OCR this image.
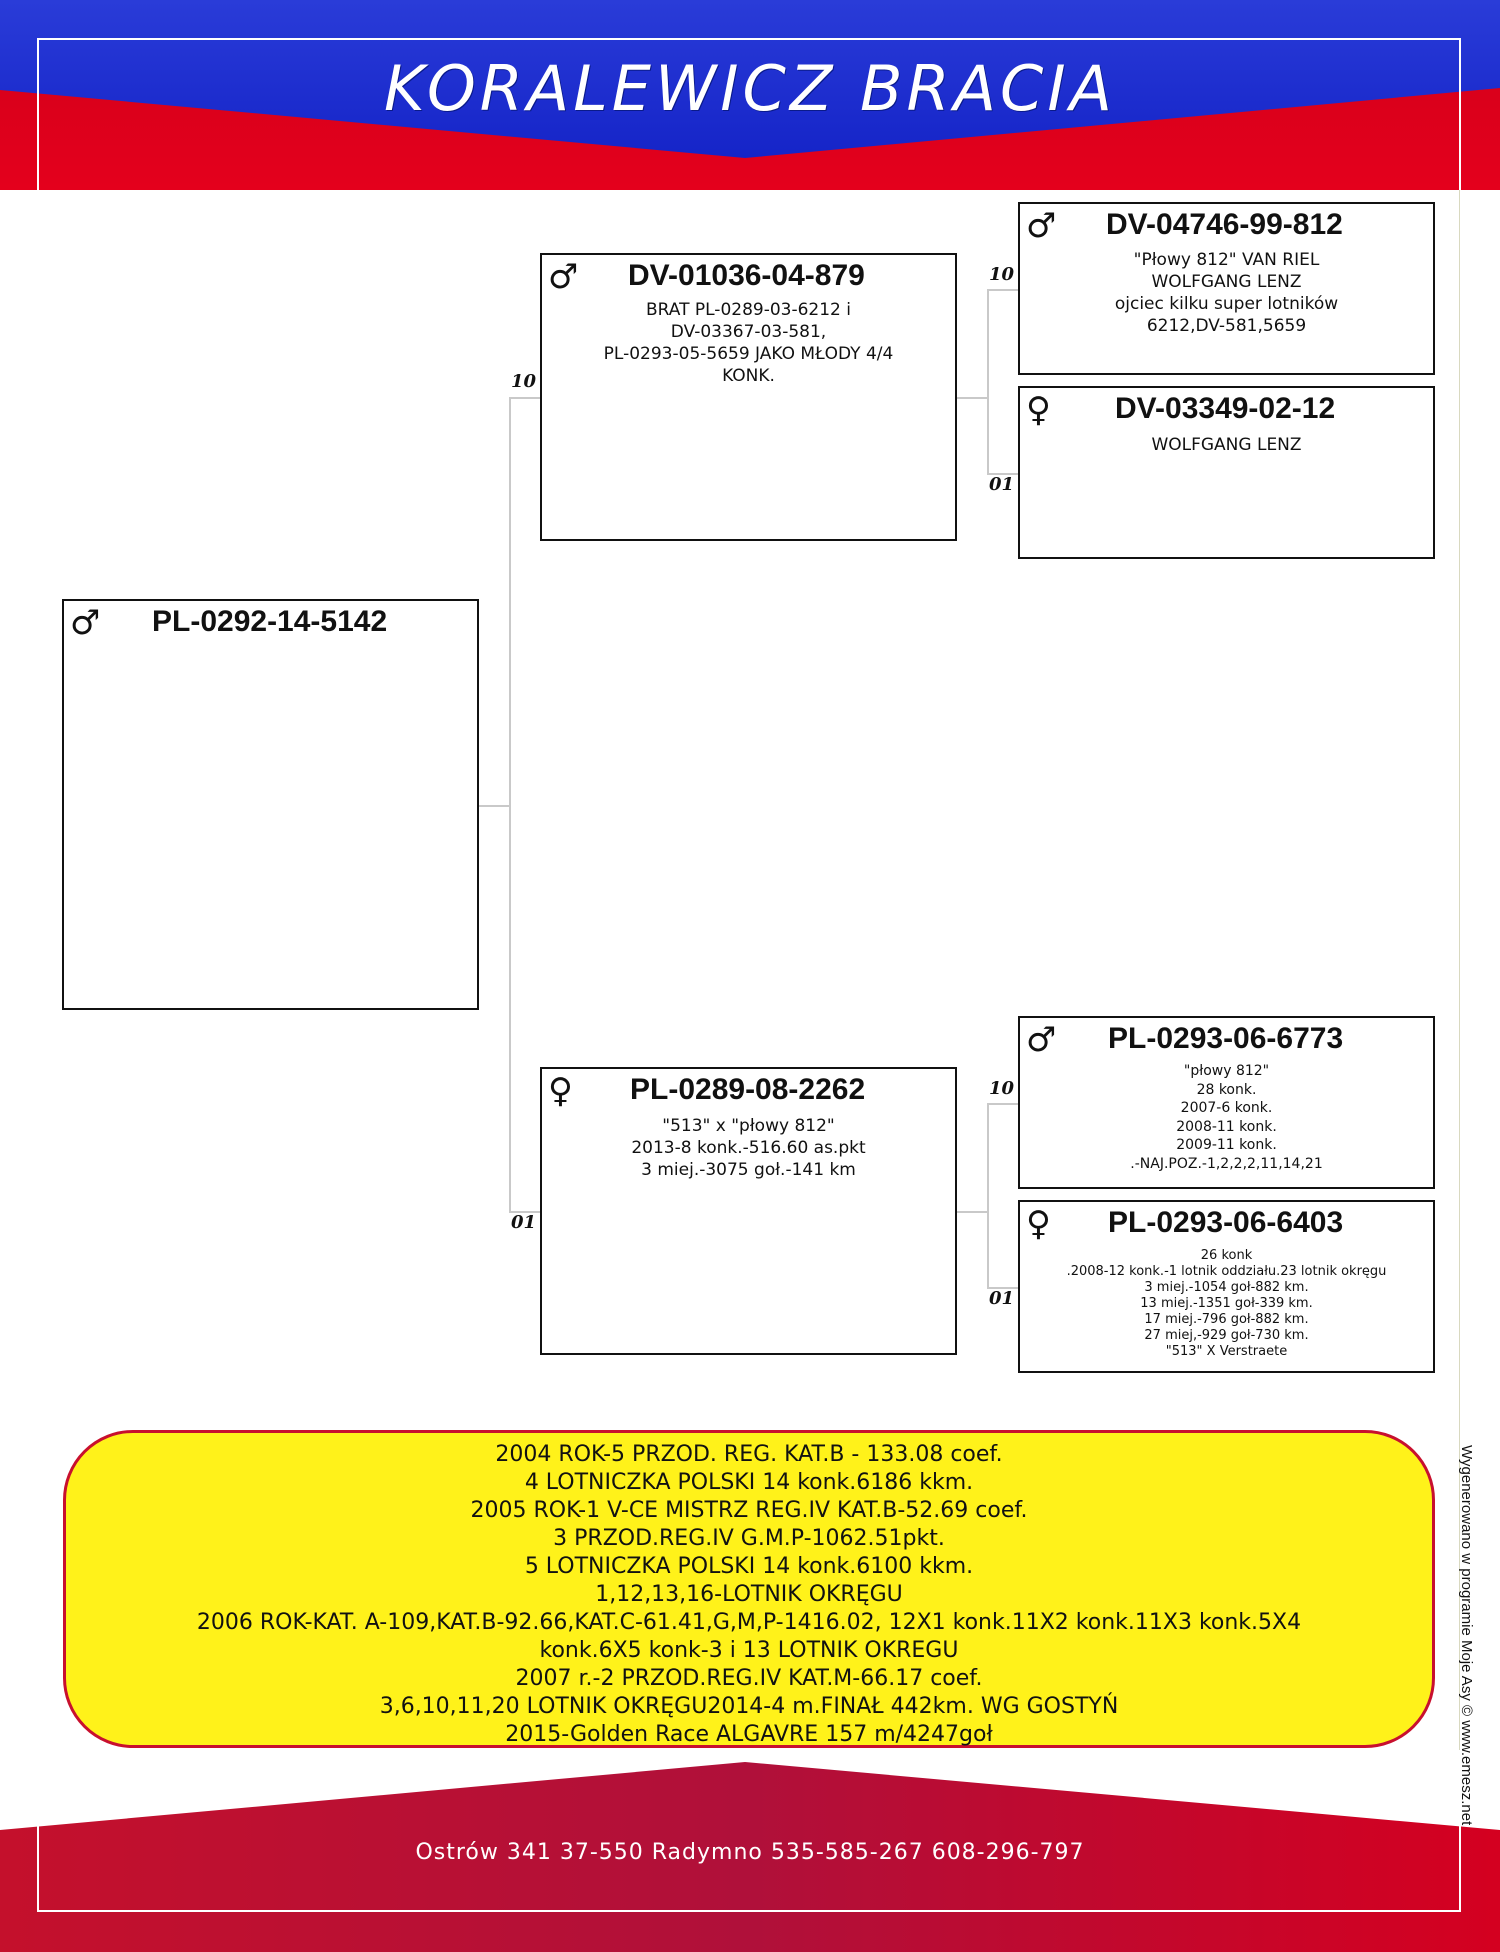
KORALEWICZ BRACIA
10
01
10
01
10
01
♂ PL-0292-14-5142
♂ DV-01036-04-879
BRAT PL-0289-03-6212 i
DV-03367-03-581,
PL-0293-05-5659 JAKO MŁODY 4/4
KONK.
♀ PL-0289-08-2262
"513" x "płowy 812"
2013-8 konk.-516.60 as.pkt
3 miej.-3075 goł.-141 km
♂ DV-04746-99-812
"Płowy 812" VAN RIEL
WOLFGANG LENZ
ojciec kilku super lotników
6212,DV-581,5659
♀ DV-03349-02-12
WOLFGANG LENZ
♂ PL-0293-06-6773
"płowy 812"
28 konk.
2007-6 konk.
2008-11 konk.
2009-11 konk.
.-NAJ.POZ.-1,2,2,2,11,14,21
♀ PL-0293-06-6403
26 konk
.2008-12 konk.-1 lotnik oddziału.23 lotnik okręgu
3 miej.-1054 goł-882 km.
13 miej.-1351 goł-339 km.
17 miej.-796 goł-882 km.
27 miej,-929 goł-730 km.
"513" X Verstraete
2004 ROK-5 PRZOD. REG. KAT.B - 133.08 coef.
4 LOTNICZKA POLSKI 14 konk.6186 kkm.
2005 ROK-1 V-CE MISTRZ REG.IV KAT.B-52.69 coef.
3 PRZOD.REG.IV G.M.P-1062.51pkt.
5 LOTNICZKA POLSKI 14 konk.6100 kkm.
1,12,13,16-LOTNIK OKRĘGU
2006 ROK-KAT. A-109,KAT.B-92.66,KAT.C-61.41,G,M,P-1416.02, 12X1 konk.11X2 konk.11X3 konk.5X4
konk.6X5 konk-3 i 13 LOTNIK OKREGU
2007 r.-2 PRZOD.REG.IV KAT.M-66.17 coef.
3,6,10,11,20 LOTNIK OKRĘGU2014-4 m.FINAŁ 442km. WG GOSTYŃ
2015-Golden Race ALGAVRE 157 m/4247goł
Ostrów 341 37-550 Radymno 535-585-267 608-296-797
Wygenerowano w programie Moje Asy © www.emesz.net
